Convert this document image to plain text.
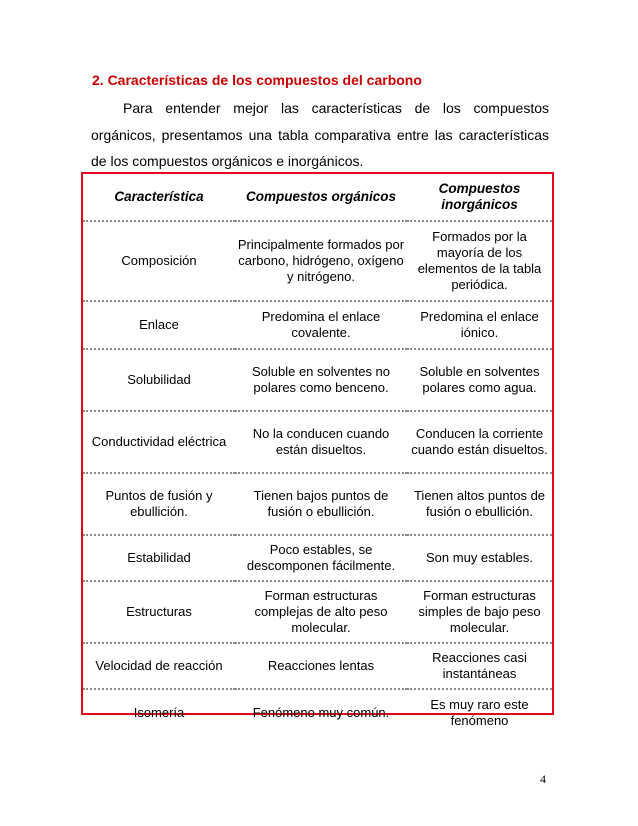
2. Características de los compuestos del carbono

Para entender mejor las características de los compuestos orgánicos, presentamos una tabla comparativa entre las características de los compuestos orgánicos e inorgánicos.

Característica	Compuestos orgánicos	Compuestos inorgánicos
Composición	Principalmente formados por carbono, hidrógeno, oxígeno y nitrógeno.	Formados por la mayoría de los elementos de la tabla periódica.
Enlace	Predomina el enlace covalente.	Predomina el enlace iónico.
Solubilidad	Soluble en solventes no polares como benceno.	Soluble en solventes polares como agua.
Conductividad eléctrica	No la conducen cuando están disueltos.	Conducen la corriente cuando están disueltos.
Puntos de fusión y ebullición.	Tienen bajos puntos de fusión o ebullición.	Tienen altos puntos de fusión o ebullición.
Estabilidad	Poco estables, se descomponen fácilmente.	Son muy estables.
Estructuras	Forman estructuras complejas de alto peso molecular.	Forman estructuras simples de bajo peso molecular.
Velocidad de reacción	Reacciones lentas	Reacciones casi instantáneas
Isomería	Fenómeno muy común.	Es muy raro este fenómeno
4
